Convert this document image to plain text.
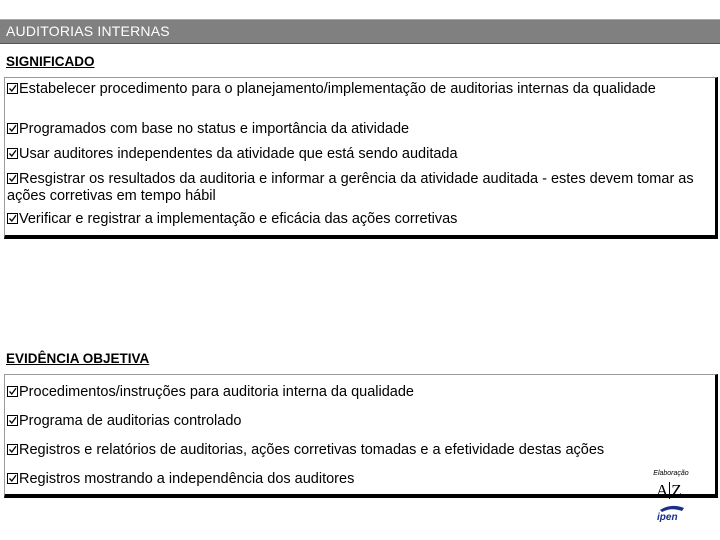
AUDITORIAS INTERNAS
SIGNIFICADO
Estabelecer procedimento para o planejamento/implementação de auditorias internas da qualidade
Programados com base no status e importância da atividade
Usar auditores independentes da atividade que está sendo auditada
Resgistrar os resultados da auditoria e informar a gerência da atividade auditada - estes devem tomar as ações corretivas em tempo hábil
Verificar e registrar a implementação e eficácia das ações corretivas
EVIDÊNCIA OBJETIVA
Procedimentos/instruções para auditoria interna da qualidade
Programa de auditorias controlado
Registros e relatórios de auditorias, ações corretivas tomadas e a efetividade destas ações
Registros mostrando a independência dos auditores	Elaboração
A Z
ipen
